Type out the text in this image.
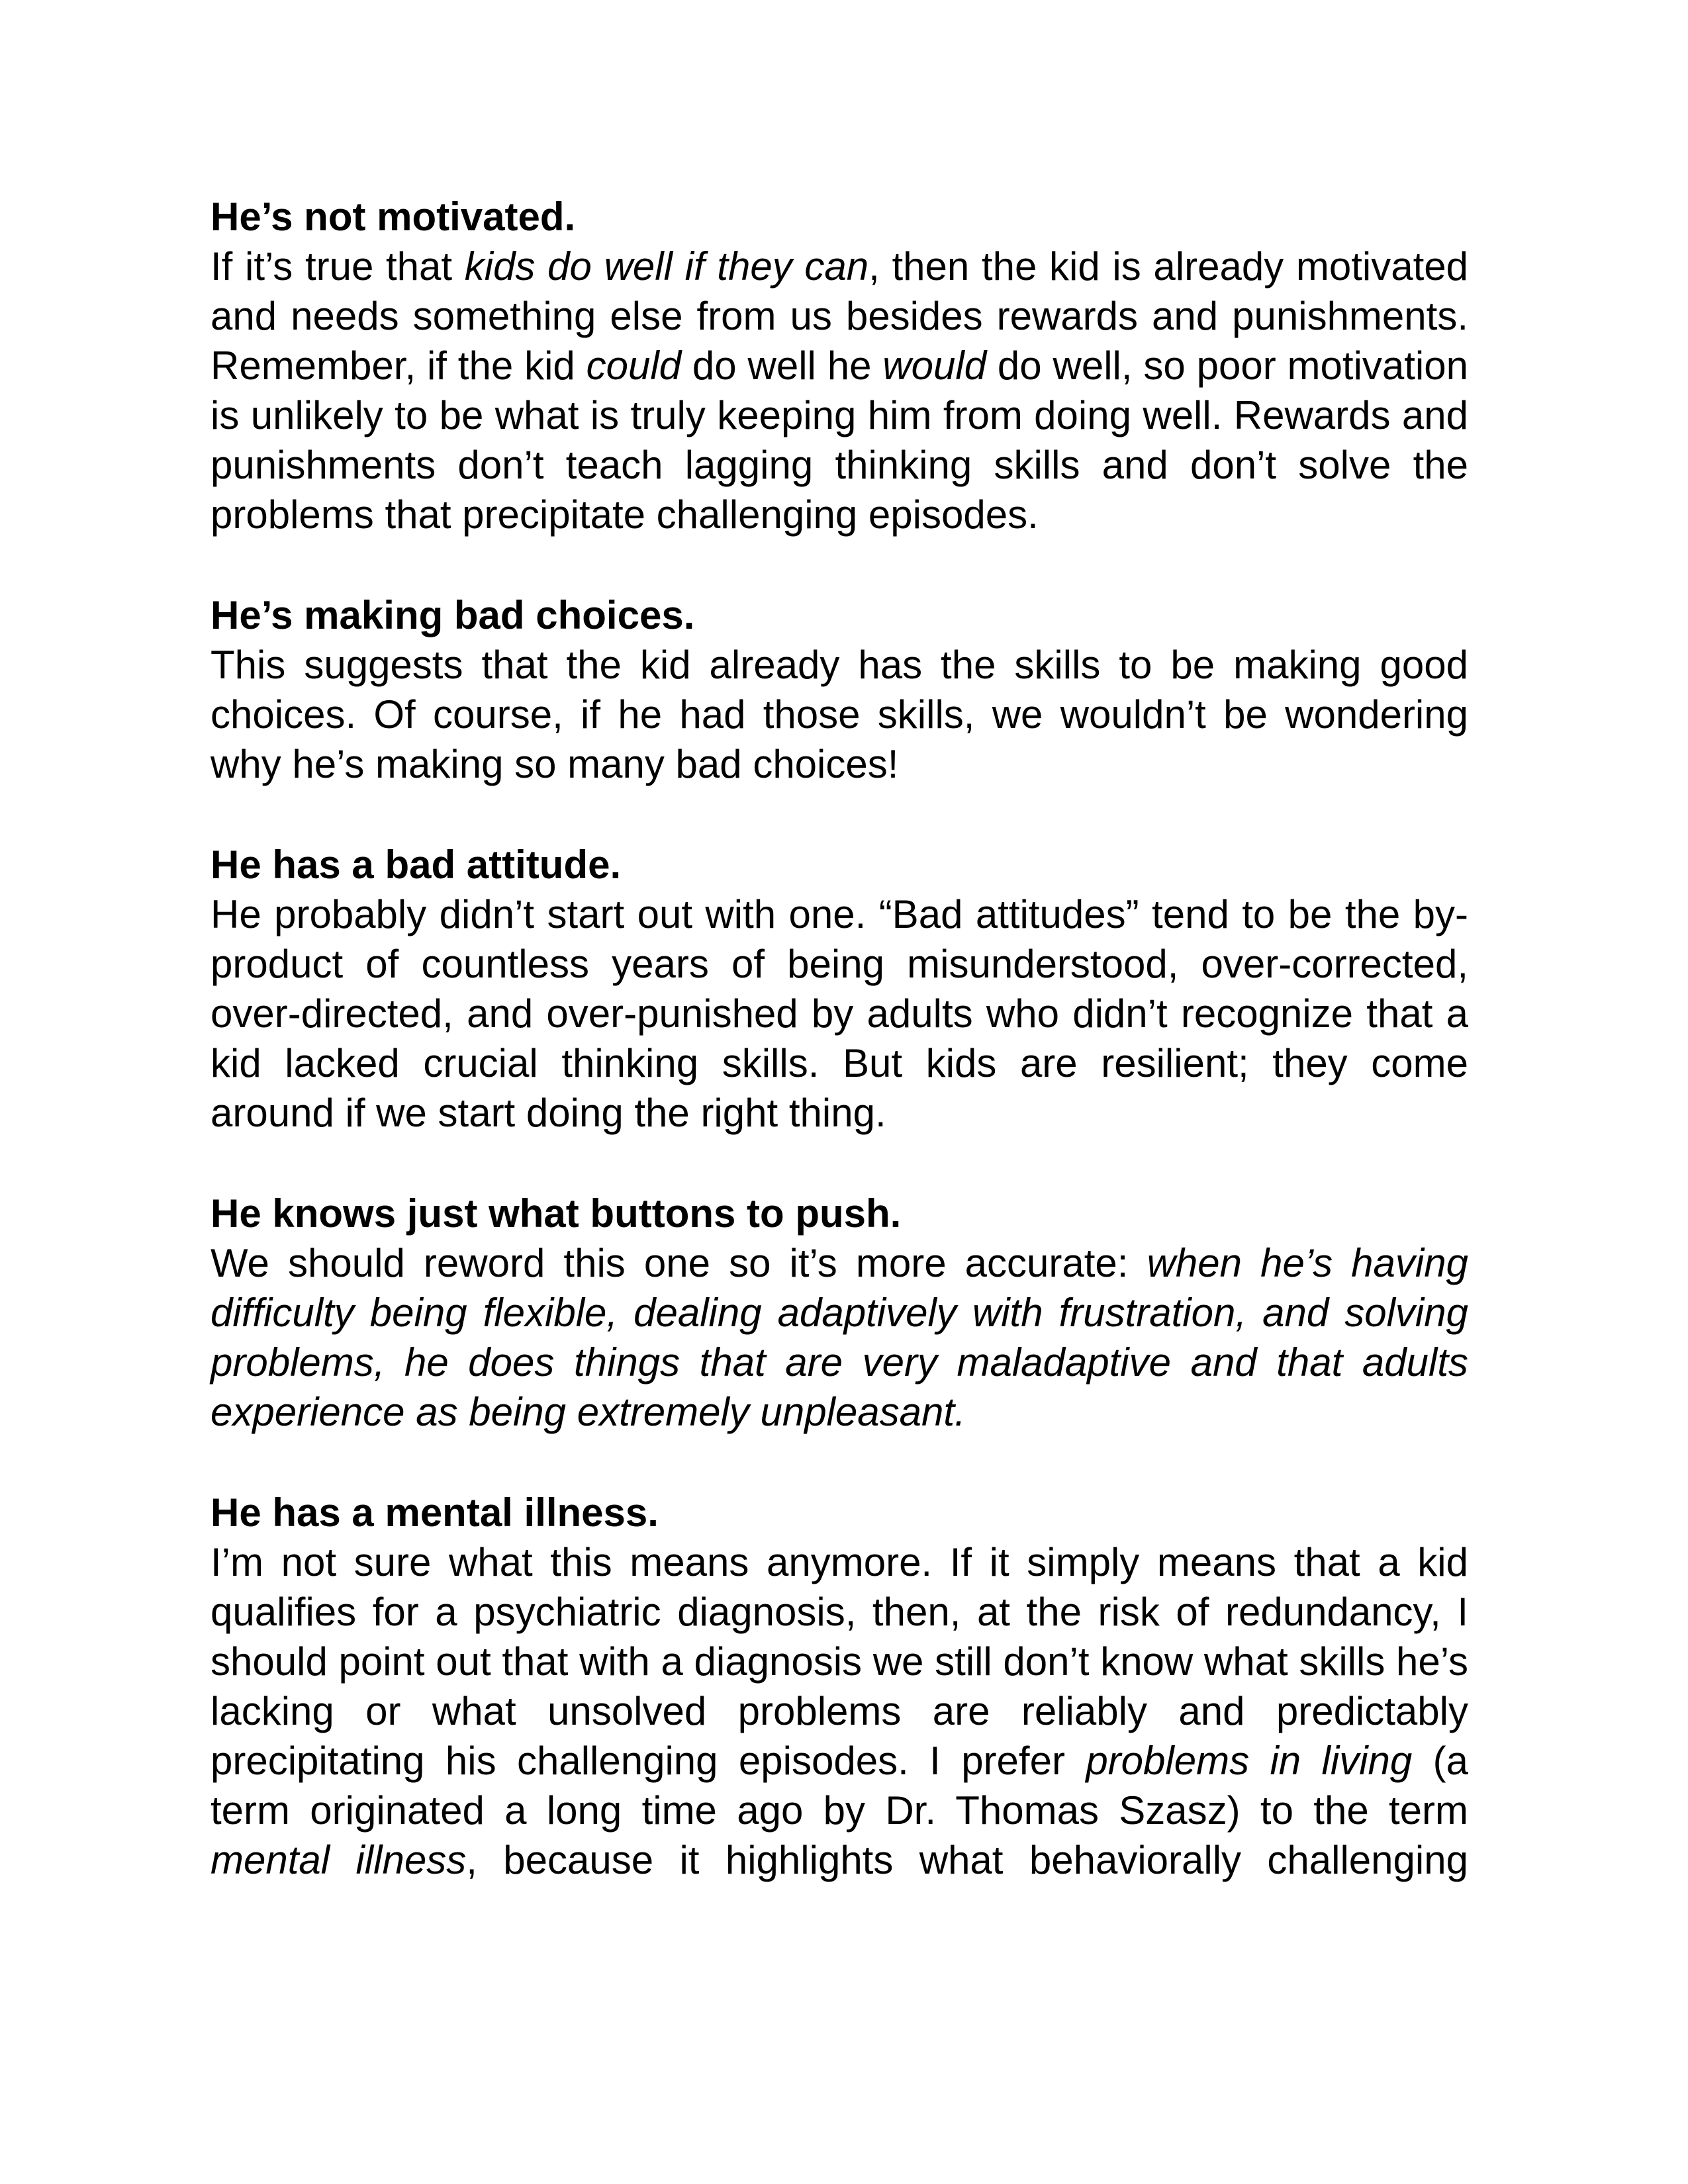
He’s not motivated.

If it’s true that kids do well if they can, then the kid is already motivated and needs something else from us besides rewards and punishments. Remember, if the kid could do well he would do well, so poor motivation is unlikely to be what is truly keeping him from doing well. Rewards and punishments don’t teach lagging thinking skills and don’t solve the problems that precipitate challenging episodes.

He’s making bad choices.

This suggests that the kid already has the skills to be making good choices. Of course, if he had those skills, we wouldn’t be wondering why he’s making so many bad choices!

He has a bad attitude.

He probably didn’t start out with one. “Bad attitudes” tend to be the by-product of countless years of being misunderstood, over-corrected, over-directed, and over-punished by adults who didn’t recognize that a kid lacked crucial thinking skills. But kids are resilient; they come around if we start doing the right thing.

He knows just what buttons to push.

We should reword this one so it’s more accurate: when he’s having difficulty being flexible, dealing adaptively with frustration, and solving problems, he does things that are very maladaptive and that adults experience as being extremely unpleasant.

He has a mental illness.

I’m not sure what this means anymore. If it simply means that a kid qualifies for a psychiatric diagnosis, then, at the risk of redundancy, I should point out that with a diagnosis we still don’t know what skills he’s lacking or what unsolved problems are reliably and predictably precipitating his challenging episodes. I prefer problems in living (a term originated a long time ago by Dr. Thomas Szasz) to the term mental illness, because it highlights what behaviorally challenging
